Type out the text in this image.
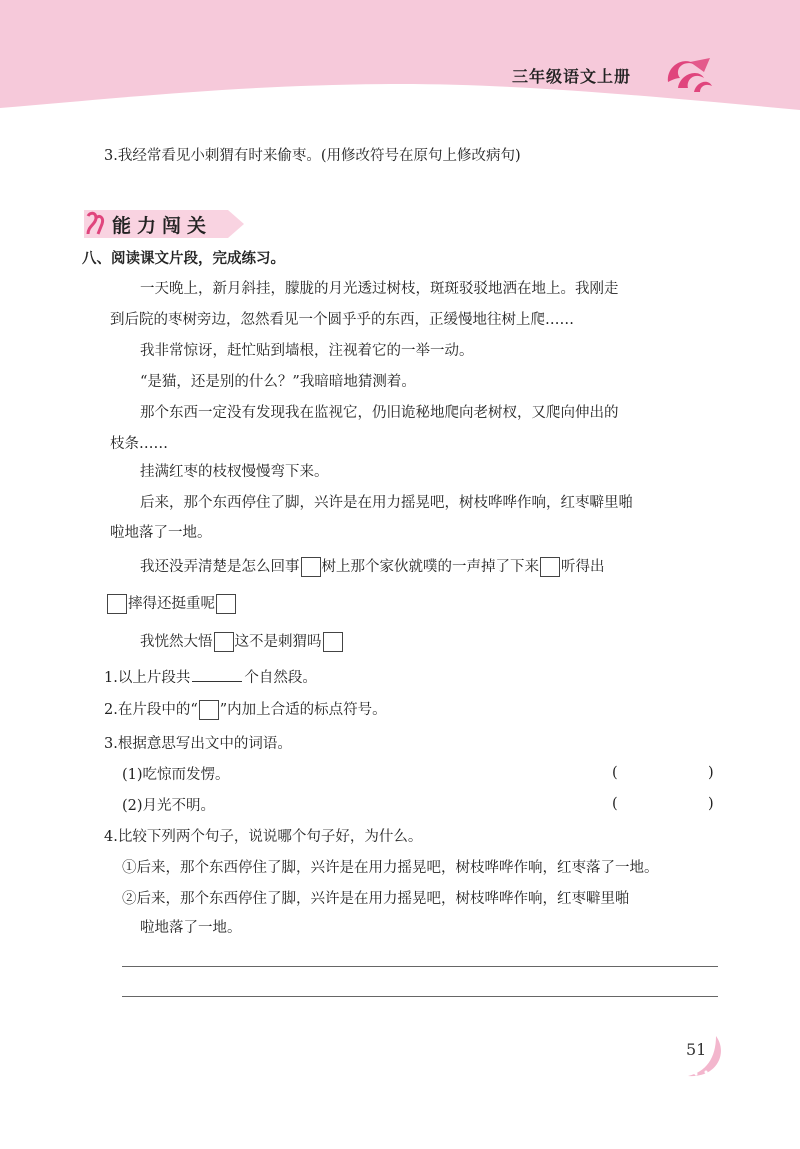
三年级语文上册
3.我经常看见小刺猬有时来偷枣。(用修改符号在原句上修改病句)
能力闯关
八、阅读课文片段，完成练习。
一天晚上，新月斜挂，朦胧的月光透过树枝，斑斑驳驳地洒在地上。我刚走
到后院的枣树旁边，忽然看见一个圆乎乎的东西，正缓慢地往树上爬……
我非常惊讶，赶忙贴到墙根，注视着它的一举一动。
“是猫，还是别的什么？”我暗暗地猜测着。
那个东西一定没有发现我在监视它，仍旧诡秘地爬向老树杈，又爬向伸出的
枝条……
挂满红枣的枝杈慢慢弯下来。
后来，那个东西停住了脚，兴许是在用力摇晃吧，树枝哗哗作响，红枣噼里啪
啦地落了一地。
我还没弄清楚是怎么回事 树上那个家伙就噗的一声掉了下来 听得出
摔得还挺重呢
我恍然大悟 这不是刺猬吗
1.以上片段共	个自然段。
2.在片段中的“ ”内加上合适的标点符号。
3.根据意思写出文中的词语。
(1)吃惊而发愣。	(	)
(2)月光不明。	(	)
4.比较下列两个句子，说说哪个句子好，为什么。
①后来，那个东西停住了脚，兴许是在用力摇晃吧，树枝哗哗作响，红枣落了一地。
②后来，那个东西停住了脚，兴许是在用力摇晃吧，树枝哗哗作响，红枣噼里啪
啦地落了一地。
51
